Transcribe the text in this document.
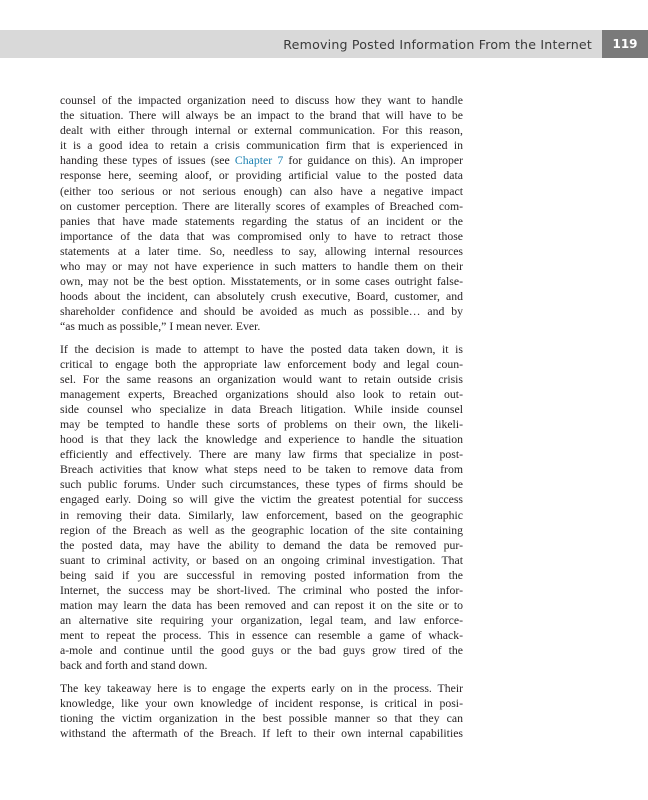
Removing Posted Information From the Internet	119
counsel of the impacted organization need to discuss how they want to handle
the situation. There will always be an impact to the brand that will have to be
dealt with either through internal or external communication. For this reason,
it is a good idea to retain a crisis communication firm that is experienced in
handing these types of issues (see Chapter 7 for guidance on this). An improper
response here, seeming aloof, or providing artificial value to the posted data
(either too serious or not serious enough) can also have a negative impact
on customer perception. There are literally scores of examples of Breached com-
panies that have made statements regarding the status of an incident or the
importance of the data that was compromised only to have to retract those
statements at a later time. So, needless to say, allowing internal resources
who may or may not have experience in such matters to handle them on their
own, may not be the best option. Misstatements, or in some cases outright false-
hoods about the incident, can absolutely crush executive, Board, customer, and
shareholder confidence and should be avoided as much as possible… and by
“as much as possible,” I mean never. Ever.
If the decision is made to attempt to have the posted data taken down, it is
critical to engage both the appropriate law enforcement body and legal coun-
sel. For the same reasons an organization would want to retain outside crisis
management experts, Breached organizations should also look to retain out-
side counsel who specialize in data Breach litigation. While inside counsel
may be tempted to handle these sorts of problems on their own, the likeli-
hood is that they lack the knowledge and experience to handle the situation
efficiently and effectively. There are many law firms that specialize in post-
Breach activities that know what steps need to be taken to remove data from
such public forums. Under such circumstances, these types of firms should be
engaged early. Doing so will give the victim the greatest potential for success
in removing their data. Similarly, law enforcement, based on the geographic
region of the Breach as well as the geographic location of the site containing
the posted data, may have the ability to demand the data be removed pur-
suant to criminal activity, or based on an ongoing criminal investigation. That
being said if you are successful in removing posted information from the
Internet, the success may be short-lived. The criminal who posted the infor-
mation may learn the data has been removed and can repost it on the site or to
an alternative site requiring your organization, legal team, and law enforce-
ment to repeat the process. This in essence can resemble a game of whack-
a-mole and continue until the good guys or the bad guys grow tired of the
back and forth and stand down.
The key takeaway here is to engage the experts early on in the process. Their
knowledge, like your own knowledge of incident response, is critical in posi-
tioning the victim organization in the best possible manner so that they can
withstand the aftermath of the Breach. If left to their own internal capabilities
